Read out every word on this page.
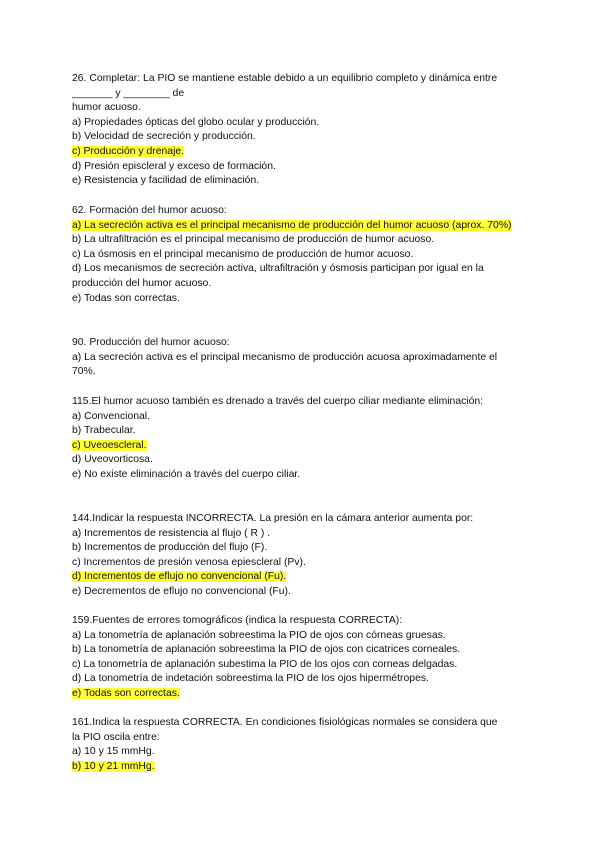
26. Completar: La PIO se mantiene estable debido a un equilibrio completo y dinámica entre
_______ y ________ de
humor acuoso.
a) Propiedades ópticas del globo ocular y producción.
b) Velocidad de secreción y producción.
c) Producción y drenaje.
d) Presión episcleral y exceso de formación.
e) Resistencia y facilidad de eliminación.
62. Formación del humor acuoso:
a) La secreción activa es el principal mecanismo de producción del humor acuoso (aprox. 70%)
b) La ultrafiltración es el principal mecanismo de producción de humor acuoso.
c) La ósmosis en el principal mecanismo de producción de humor acuoso.
d) Los mecanismos de secreción activa, ultrafiltración y ósmosis participan por igual en la
producción del humor acuoso.
e) Todas son correctas.
90. Producción del humor acuoso:
a) La secreción activa es el principal mecanismo de producción acuosa aproximadamente el
70%.
115.El humor acuoso también es drenado a través del cuerpo ciliar mediante eliminación:
a) Convencional.
b) Trabecular.
c) Uveoescleral.
d) Uveovorticosa.
e) No existe eliminación a través del cuerpo ciliar.
144.Indicar la respuesta INCORRECTA. La presión en la cámara anterior aumenta por:
a) Incrementos de resistencia al flujo ( R ) .
b) Incrementos de producción del flujo (F).
c) Incrementos de presión venosa epiescleral (Pv).
d) Incrementos de eflujo no convencional (Fu).
e) Decrementos de eflujo no convencional (Fu).
159.Fuentes de errores tomográficos (indica la respuesta CORRECTA):
a) La tonometría de aplanación sobreestima la PIO de ojos con córneas gruesas.
b) La tonometría de aplanación sobreestima la PIO de ojos con cicatrices corneales.
c) La tonometría de aplanación subestima la PIO de los ojos con corneas delgadas.
d) La tonometría de indetación sobreestima la PIO de los ojos hipermétropes.
e) Todas son correctas.
161.Indica la respuesta CORRECTA. En condiciones fisiológicas normales se considera que
la PIO oscila entre:
a) 10 y 15 mmHg.
b) 10 y 21 mmHg.
